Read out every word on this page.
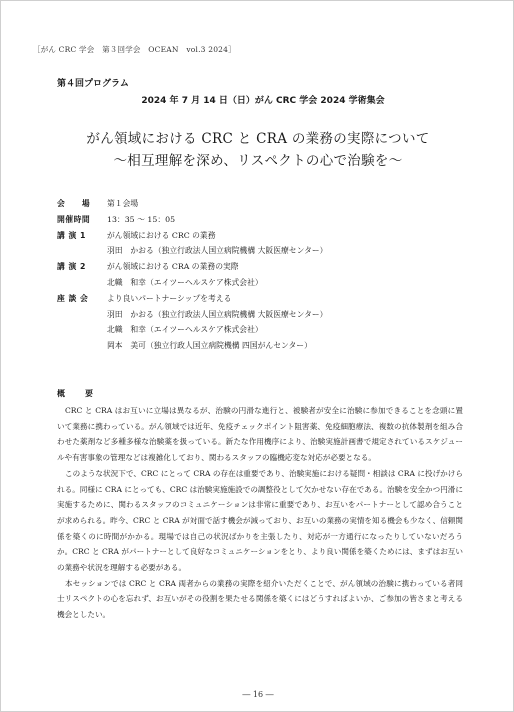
［がん CRC 学会　第３回学会　OCEAN　vol.3 2024］
第４回プログラム
2024 年 7 月 14 日（日）がん CRC 学会 2024 学術集会
がん領域における CRC と CRA の業務の実際について
～相互理解を深め、リスペクトの心で治験を～
会　　場	第１会場
開催時間	13：35 ～ 15：05
講 演 1	がん領域における CRC の業務
羽田　かおる（独立行政法人国立病院機構 大阪医療センター）
講 演 2	がん領域における CRA の業務の実際
北幟　和幸（エイツーヘルスケア株式会社）
座 談 会	より良いパートナーシップを考える
羽田　かおる（独立行政法人国立病院機構 大阪医療センター）
北幟　和幸（エイツーヘルスケア株式会社）
岡本　美可（独立行政人国立病院機構 四国がんセンター）
概　要

CRC と CRA はお互いに立場は異なるが、治験の円滑な進行と、被験者が安全に治験に参加できることを念頭に置いて業務に携わっている。がん領域では近年、免疫チェックポイント阻害薬、免疫細胞療法、複数の抗体製剤を組み合わせた薬剤など多種多様な治験薬を扱っている。新たな作用機序により、治験実施計画書で規定されているスケジュールや有害事象の管理などは複雑化しており、関わるスタッフの臨機応変な対応が必要となる。

このような状況下で、CRC にとって CRA の存在は重要であり、治験実施における疑問・相談は CRA に投げかけられる。同様に CRA にとっても、CRC は治験実施施設での調整役として欠かせない存在である。治験を安全かつ円滑に実施するために、関わるスタッフのコミュニケーションは非常に重要であり、お互いをパートナーとして認め合うことが求められる。昨今、CRC と CRA が対面で話す機会が減っており、お互いの業務の実情を知る機会も少なく、信頼関係を築くのに時間がかかる。現場では自己の状況ばかりを主張したり、対応が一方通行になったりしていないだろうか。CRC と CRA がパートナーとして良好なコミュニケーションをとり、より良い関係を築くためには、まずはお互いの業務や状況を理解する必要がある。

本セッションでは CRC と CRA 両者からの業務の実際を紹介いただくことで、がん領域の治験に携わっている者同士リスペクトの心を忘れず、お互いがその役割を果たせる関係を築くにはどうすればよいか、ご参加の皆さまと考える機会としたい。

― 16 ―
